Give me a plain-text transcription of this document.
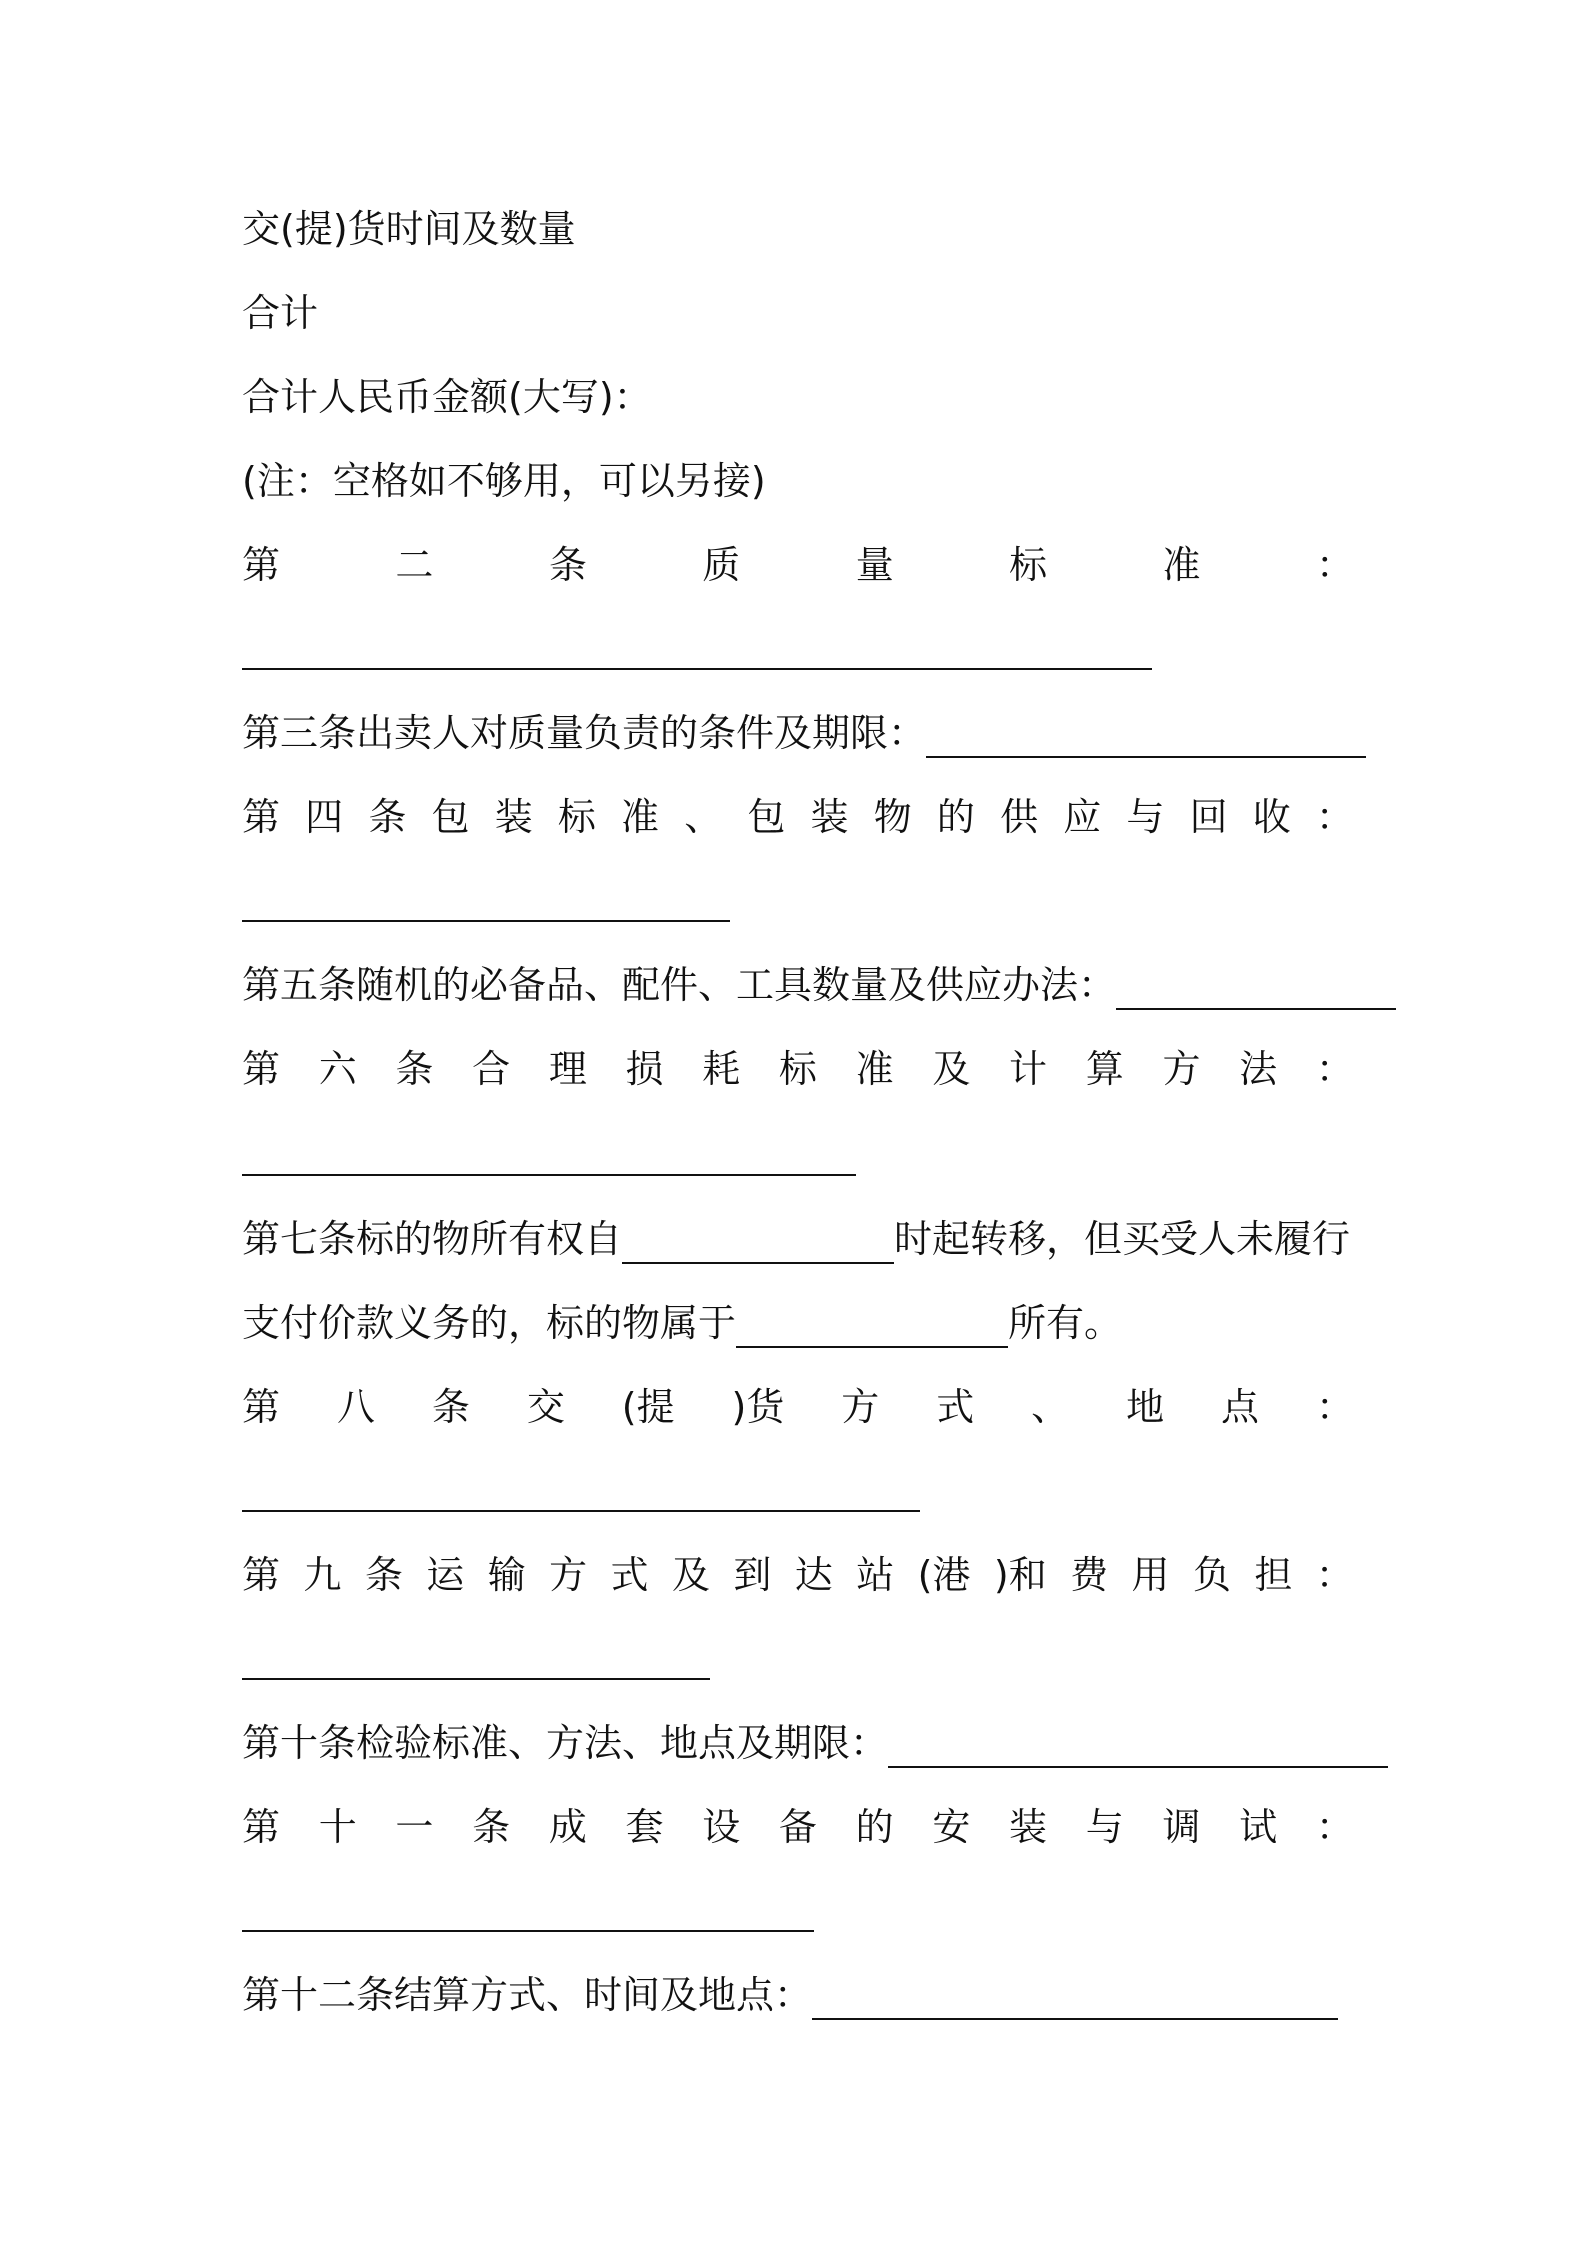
交(提)货时间及数量
合计
合计人民币金额(大写)：
(注：空格如不够用，可以另接)
第	二	条	质	量	标	准	：
第三条出卖人对质量负责的条件及期限：
第 四 条 包 装 标 准 、 包 装 物 的 供 应 与 回 收 ：
第五条随机的必备品、配件、工具数量及供应办法：
第 六 条 合 理 损 耗 标 准 及 计 算 方 法 ：
第七条标的物所有权自	时起转移，但买受人未履行
支付价款义务的，标的物属于	所有。
第 八 条 交 (提 )货 方 式 、 地 点 ：
第 九 条 运 输 方 式 及 到 达 站 (港 )和 费 用 负 担 ：
第十条检验标准、方法、地点及期限：
第 十 一 条 成 套 设 备 的 安 装 与 调 试 ：
第十二条结算方式、时间及地点：
